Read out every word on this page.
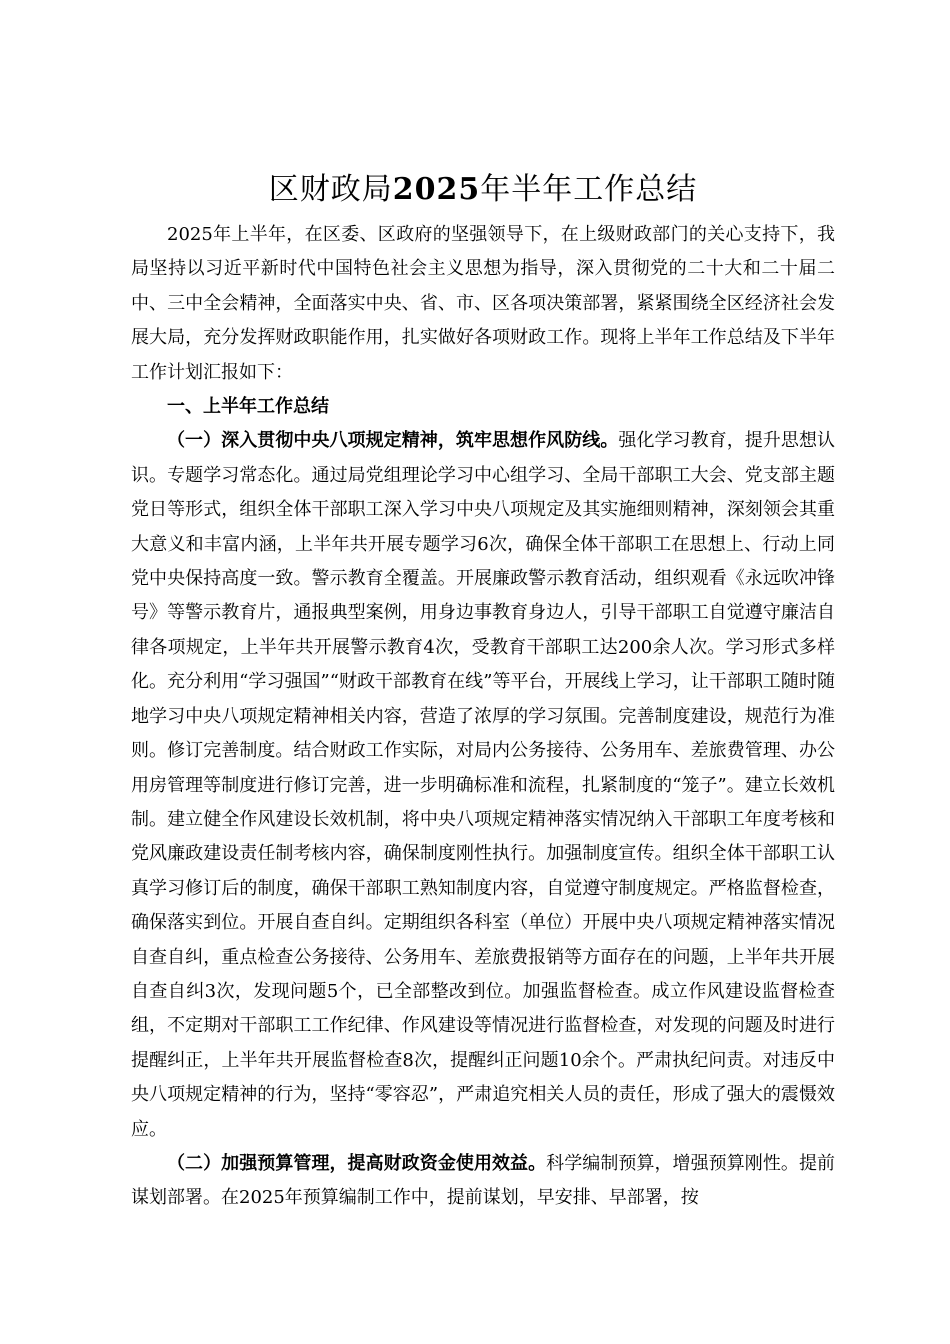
区财政局2025年半年工作总结

2025年上半年，在区委、区政府的坚强领导下，在上级财政部门的关心支持下，我局坚持以习近平新时代中国特色社会主义思想为指导，深入贯彻党的二十大和二十届二中、三中全会精神，全面落实中央、省、市、区各项决策部署，紧紧围绕全区经济社会发展大局，充分发挥财政职能作用，扎实做好各项财政工作。现将上半年工作总结及下半年工作计划汇报如下：

一、上半年工作总结

（一）深入贯彻中央八项规定精神，筑牢思想作风防线。强化学习教育，提升思想认识。专题学习常态化。通过局党组理论学习中心组学习、全局干部职工大会、党支部主题党日等形式，组织全体干部职工深入学习中央八项规定及其实施细则精神，深刻领会其重大意义和丰富内涵，上半年共开展专题学习6次，确保全体干部职工在思想上、行动上同党中央保持高度一致。警示教育全覆盖。开展廉政警示教育活动，组织观看《永远吹冲锋号》等警示教育片，通报典型案例，用身边事教育身边人，引导干部职工自觉遵守廉洁自律各项规定，上半年共开展警示教育4次，受教育干部职工达200余人次。学习形式多样化。充分利用“学习强国”“财政干部教育在线”等平台，开展线上学习，让干部职工随时随地学习中央八项规定精神相关内容，营造了浓厚的学习氛围。完善制度建设，规范行为准则。修订完善制度。结合财政工作实际，对局内公务接待、公务用车、差旅费管理、办公用房管理等制度进行修订完善，进一步明确标准和流程，扎紧制度的“笼子”。建立长效机制。建立健全作风建设长效机制，将中央八项规定精神落实情况纳入干部职工年度考核和党风廉政建设责任制考核内容，确保制度刚性执行。加强制度宣传。组织全体干部职工认真学习修订后的制度，确保干部职工熟知制度内容，自觉遵守制度规定。严格监督检查，确保落实到位。开展自查自纠。定期组织各科室（单位）开展中央八项规定精神落实情况自查自纠，重点检查公务接待、公务用车、差旅费报销等方面存在的问题，上半年共开展自查自纠3次，发现问题5个，已全部整改到位。加强监督检查。成立作风建设监督检查组，不定期对干部职工工作纪律、作风建设等情况进行监督检查，对发现的问题及时进行提醒纠正，上半年共开展监督检查8次，提醒纠正问题10余个。严肃执纪问责。对违反中央八项规定精神的行为，坚持“零容忍”，严肃追究相关人员的责任，形成了强大的震慑效应。

（二）加强预算管理，提高财政资金使用效益。科学编制预算，增强预算刚性。提前谋划部署。在2025年预算编制工作中，提前谋划，早安排、早部署，按
